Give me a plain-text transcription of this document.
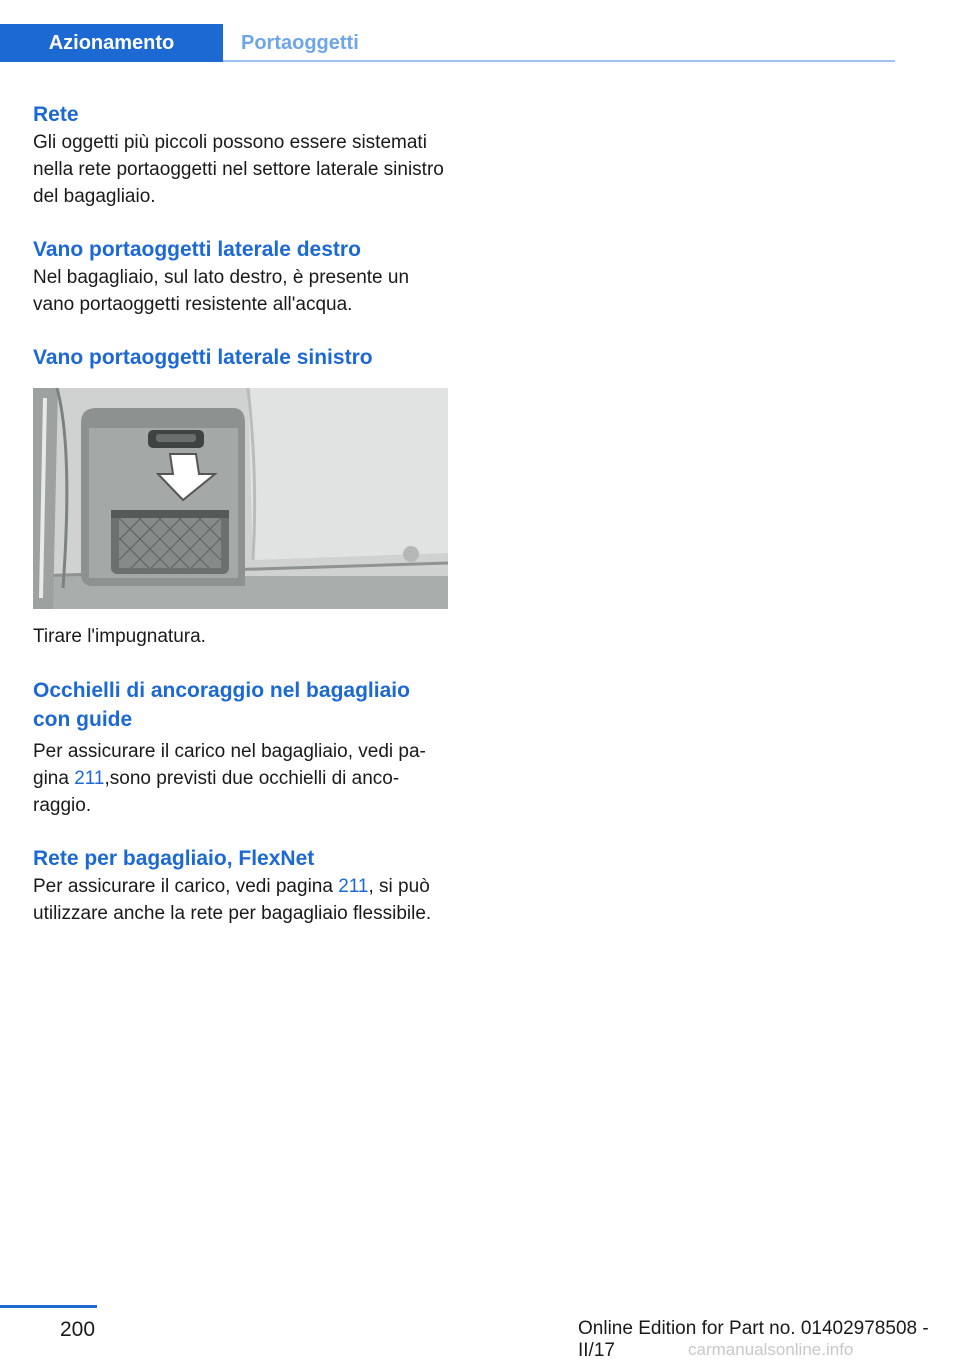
Azionamento	Portaoggetti
Rete

Gli oggetti più piccoli possono essere sistemati nella rete portaoggetti nel settore laterale sinistro del bagagliaio.

Vano portaoggetti laterale destro

Nel bagagliaio, sul lato destro, è presente un vano portaoggetti resistente all'acqua.

Vano portaoggetti laterale sinistro

Tirare l'impugnatura.

Occhielli di ancoraggio nel bagagliaio con guide

Per assicurare il carico nel bagagliaio, vedi pagina 211,sono previsti due occhielli di ancoraggio.

Rete per bagagliaio, FlexNet

Per assicurare il carico, vedi pagina 211, si può utilizzare anche la rete per bagagliaio flessibile.

200	Online Edition for Part no. 01402978508 - II/17	carmanualsonline.info
